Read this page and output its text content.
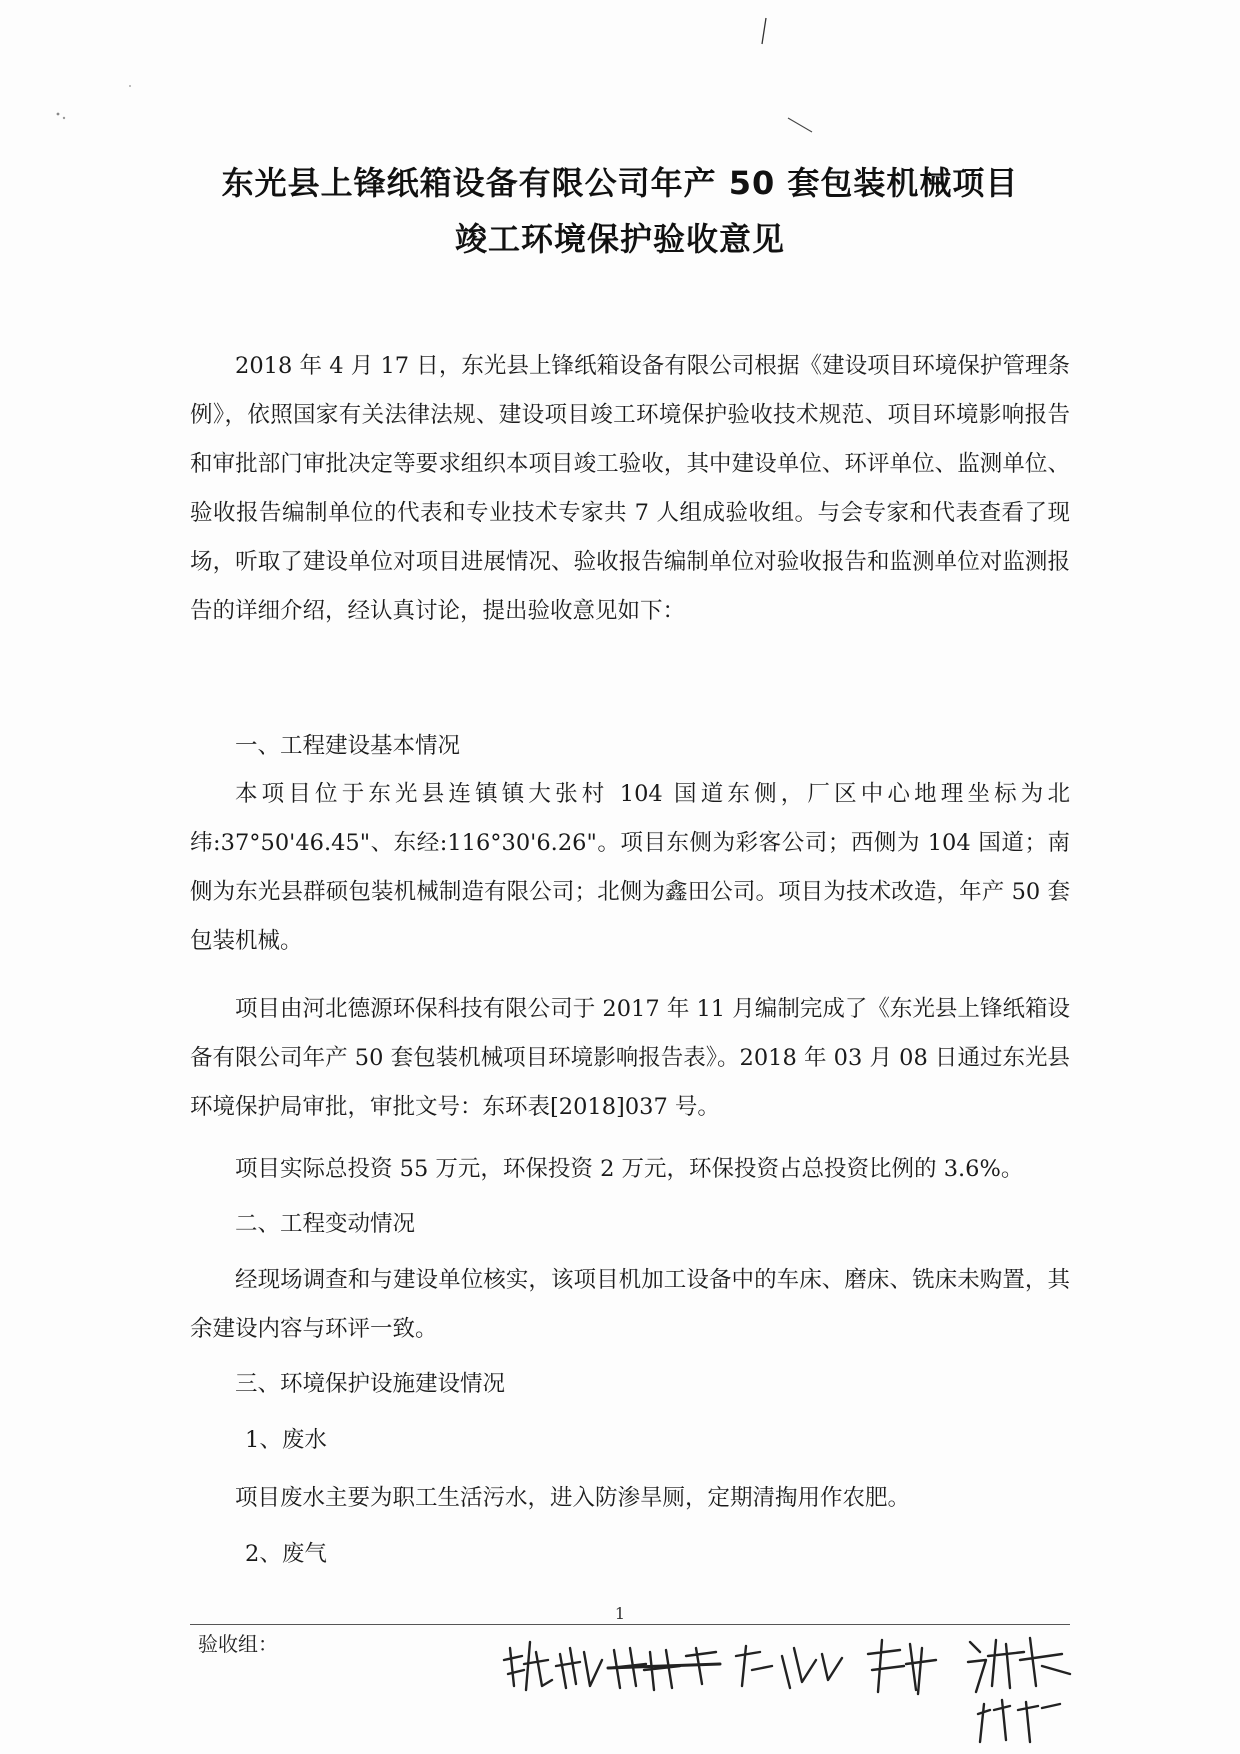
东光县上锋纸箱设备有限公司年产 50 套包装机械项目
竣工环境保护验收意见

2018 年 4 月 17 日，东光县上锋纸箱设备有限公司根据《建设项目环境保护管理条例》，依照国家有关法律法规、建设项目竣工环境保护验收技术规范、项目环境影响报告和审批部门审批决定等要求组织本项目竣工验收，其中建设单位、环评单位、监测单位、验收报告编制单位的代表和专业技术专家共 7 人组成验收组。与会专家和代表查看了现场，听取了建设单位对项目进展情况、验收报告编制单位对验收报告和监测单位对监测报告的详细介绍，经认真讨论，提出验收意见如下：

一、工程建设基本情况

本项目位于东光县连镇镇大张村 104 国道东侧，厂区中心地理坐标为北纬:37°50'46.45"、东经:116°30'6.26"。项目东侧为彩客公司；西侧为 104 国道；南侧为东光县群硕包装机械制造有限公司；北侧为鑫田公司。项目为技术改造，年产 50 套包装机械。

项目由河北德源环保科技有限公司于 2017 年 11 月编制完成了《东光县上锋纸箱设备有限公司年产 50 套包装机械项目环境影响报告表》。2018 年 03 月 08 日通过东光县环境保护局审批，审批文号：东环表[2018]037 号。

项目实际总投资 55 万元，环保投资 2 万元，环保投资占总投资比例的 3.6%。

二、工程变动情况

经现场调查和与建设单位核实，该项目机加工设备中的车床、磨床、铣床未购置，其余建设内容与环评一致。

三、环境保护设施建设情况

1、废水

项目废水主要为职工生活污水，进入防渗旱厕，定期清掏用作农肥。

2、废气

1
验收组：
